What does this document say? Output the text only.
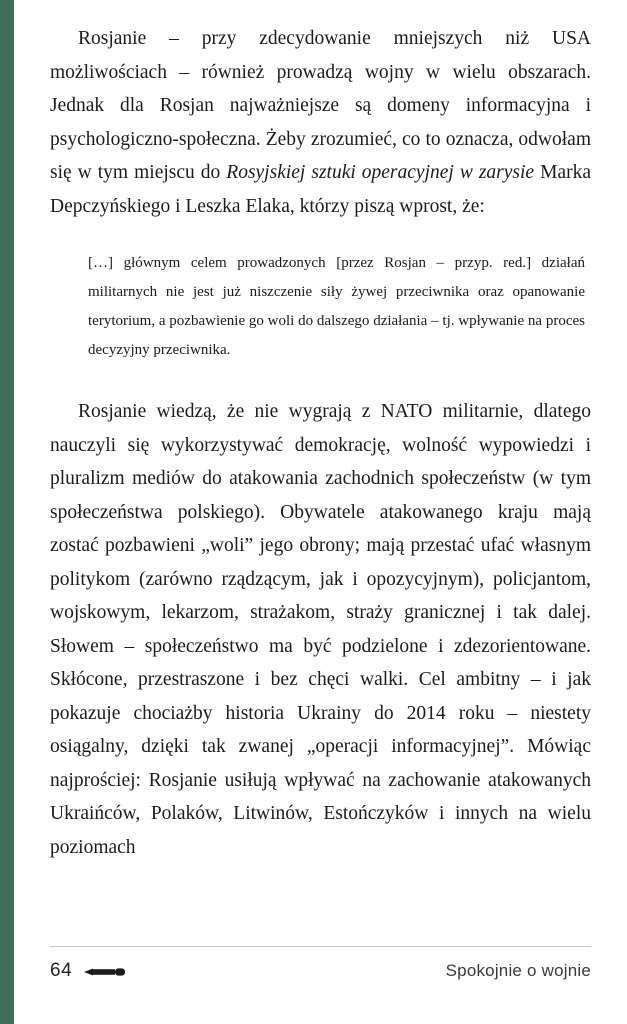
Rosjanie – przy zdecydowanie mniejszych niż USA możliwościach – również prowadzą wojny w wielu obszarach. Jednak dla Rosjan najważniejsze są domeny informacyjna i psychologiczno-społeczna. Żeby zrozumieć, co to oznacza, odwołam się w tym miejscu do Rosyjskiej sztuki operacyjnej w zarysie Marka Depczyńskiego i Leszka Elaka, którzy piszą wprost, że:

[…] głównym celem prowadzonych [przez Rosjan – przyp. red.] działań militarnych nie jest już niszczenie siły żywej przeciwnika oraz opanowanie terytorium, a pozbawienie go woli do dalszego działania – tj. wpływanie na proces decyzyjny przeciwnika.

Rosjanie wiedzą, że nie wygrają z NATO militarnie, dlatego nauczyli się wykorzystywać demokrację, wolność wypowiedzi i pluralizm mediów do atakowania zachodnich społeczeństw (w tym społeczeństwa polskiego). Obywatele atakowanego kraju mają zostać pozbawieni „woli” jego obrony; mają przestać ufać własnym politykom (zarówno rządzącym, jak i opozycyjnym), policjantom, wojskowym, lekarzom, strażakom, straży granicznej i tak dalej. Słowem – społeczeństwo ma być podzielone i zdezorientowane. Skłócone, przestraszone i bez chęci walki. Cel ambitny – i jak pokazuje chociażby historia Ukrainy do 2014 roku – niestety osiągalny, dzięki tak zwanej „operacji informacyjnej”. Mówiąc najprościej: Rosjanie usiłują wpływać na zachowanie atakowanych Ukraińców, Polaków, Litwinów, Estończyków i innych na wielu poziomach

64	Spokojnie o wojnie
